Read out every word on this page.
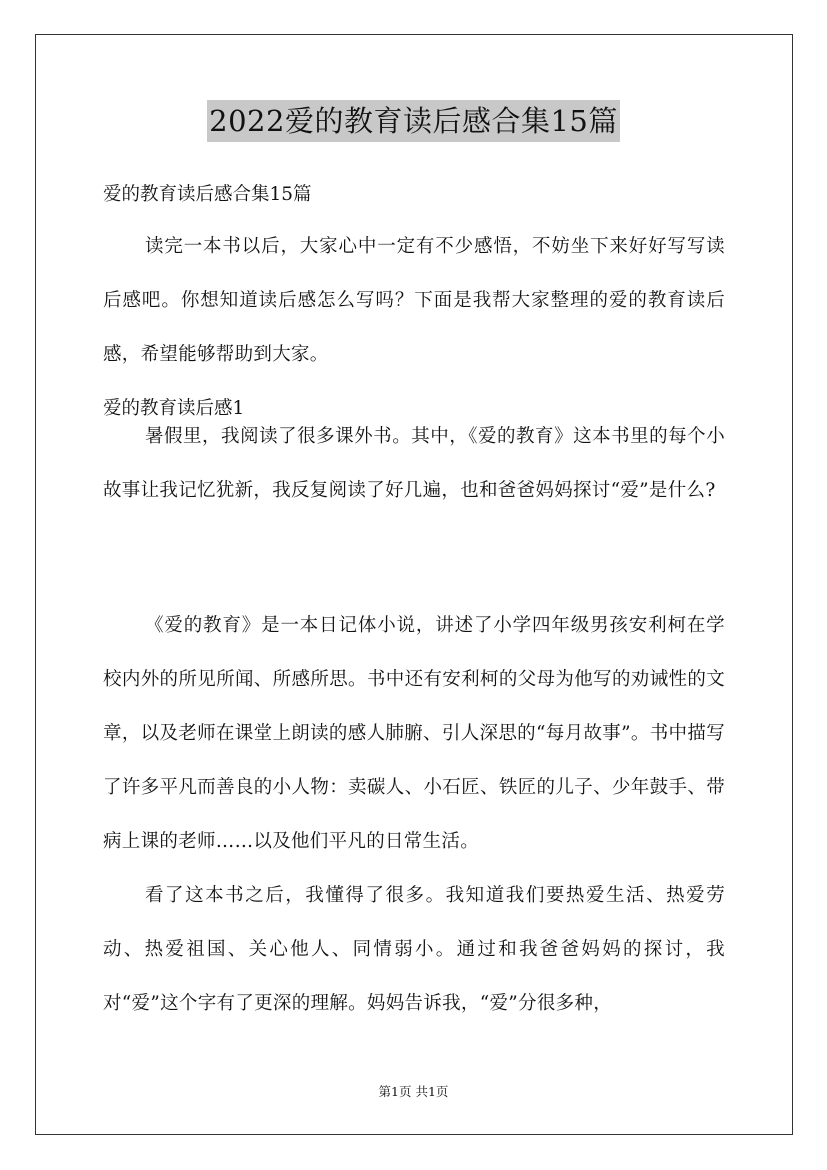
2022爱的教育读后感合集15篇
爱的教育读后感合集15篇
读完一本书以后，大家心中一定有不少感悟，不妨坐下来好好写写读后感吧。你想知道读后感怎么写吗？下面是我帮大家整理的爱的教育读后感，希望能够帮助到大家。
爱的教育读后感1
暑假里，我阅读了很多课外书。其中，《爱的教育》这本书里的每个小故事让我记忆犹新，我反复阅读了好几遍，也和爸爸妈妈探讨“爱”是什么?
《爱的教育》是一本日记体小说，讲述了小学四年级男孩安利柯在学校内外的所见所闻、所感所思。书中还有安利柯的父母为他写的劝诫性的文章，以及老师在课堂上朗读的感人肺腑、引人深思的“每月故事”。书中描写了许多平凡而善良的小人物：卖碳人、小石匠、铁匠的儿子、少年鼓手、带病上课的老师……以及他们平凡的日常生活。
看了这本书之后，我懂得了很多。我知道我们要热爱生活、热爱劳动、热爱祖国、关心他人、同情弱小。通过和我爸爸妈妈的探讨，我对“爱”这个字有了更深的理解。妈妈告诉我，“爱”分很多种，
第1页 共1页
